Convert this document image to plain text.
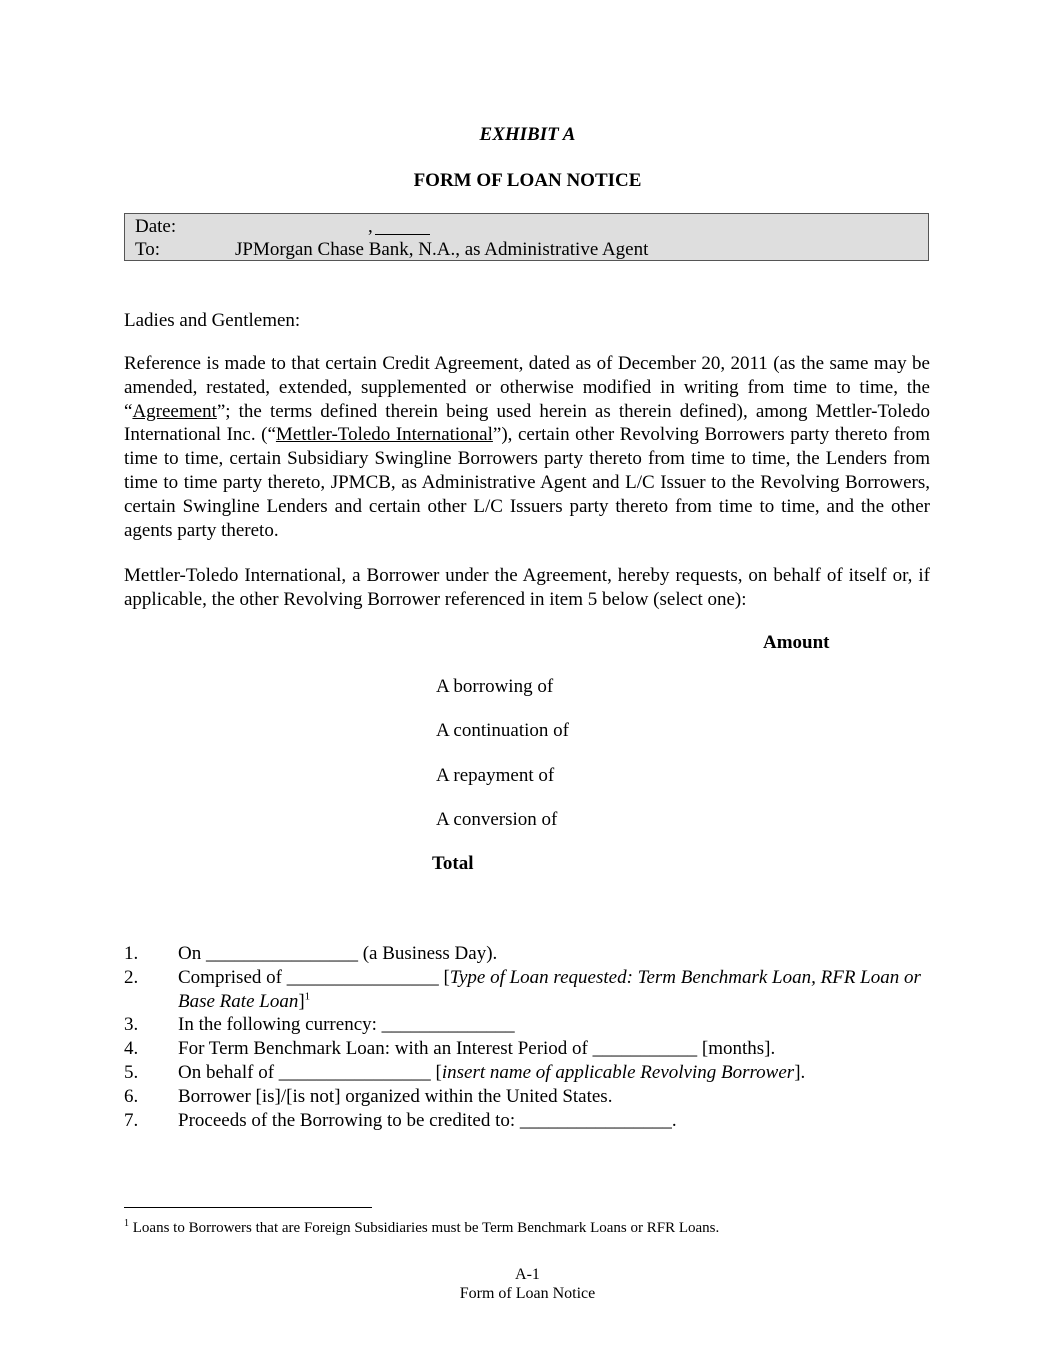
EXHIBIT A
FORM OF LOAN NOTICE
Date:	,
To:	JPMorgan Chase Bank, N.A., as Administrative Agent
Ladies and Gentlemen:
Reference is made to that certain Credit Agreement, dated as of December 20, 2011 (as the same may be amended, restated, extended, supplemented or otherwise modified in writing from time to time, the “Agreement”; the terms defined therein being used herein as therein defined), among Mettler-Toledo International Inc. (“Mettler-Toledo International”), certain other Revolving Borrowers party thereto from time to time, certain Subsidiary Swingline Borrowers party thereto from time to time, the Lenders from time to time party thereto, JPMCB, as Administrative Agent and L/C Issuer to the Revolving Borrowers, certain Swingline Lenders and certain other L/C Issuers party thereto from time to time, and the other agents party thereto.
Mettler-Toledo International, a Borrower under the Agreement, hereby requests, on behalf of itself or, if applicable, the other Revolving Borrower referenced in item 5 below (select one):
Amount
A borrowing of
A continuation of
A repayment of
A conversion of
Total
1. On ________________ (a Business Day).
2. Comprised of ________________ [Type of Loan requested: Term Benchmark Loan, RFR Loan or Base Rate Loan]$^1$
3. In the following currency: ______________
4. For Term Benchmark Loan: with an Interest Period of ___________ [months].
5. On behalf of ________________ [insert name of applicable Revolving Borrower].
6. Borrower [is]/[is not] organized within the United States.
7. Proceeds of the Borrowing to be credited to: ________________.
$^1$ Loans to Borrowers that are Foreign Subsidiaries must be Term Benchmark Loans or RFR Loans.
A-1
Form of Loan Notice
